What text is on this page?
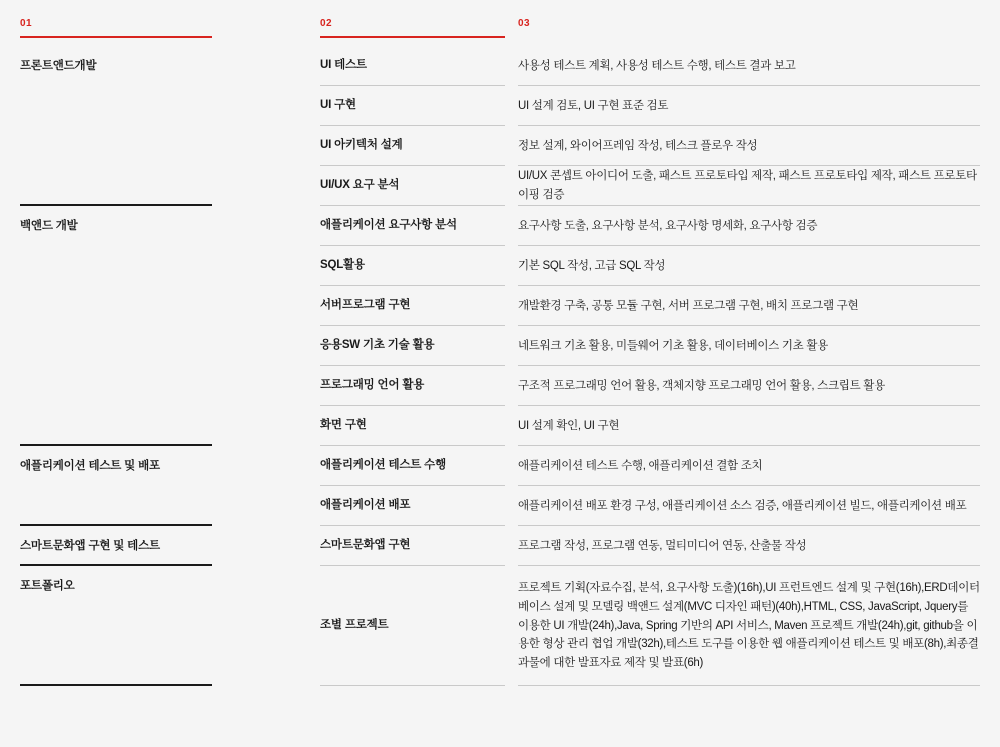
01
프론트앤드개발
백앤드 개발
애플리케이션 테스트 및 배포
스마트문화앱 구현 및 테스트
포트폴리오
02
UI 테스트
UI 구현
UI 아키텍처 설계
UI/UX 요구 분석
애플리케이션 요구사항 분석
SQL활용
서버프로그램 구현
응용SW 기초 기술 활용
프로그래밍 언어 활용
화면 구현
애플리케이션 테스트 수행
애플리케이션 배포
스마트문화앱 구현
조별 프로젝트
03
사용성 테스트 계획, 사용성 테스트 수행, 테스트 결과 보고
UI 설계 검토, UI 구현 표준 검토
정보 설계, 와이어프레임 작성, 테스크 플로우 작성
UI/UX 콘셉트 아이디어 도출, 패스트 프로토타입 제작, 패스트 프로토타입 제작, 패스트 프로토타이핑 검증
요구사항 도출, 요구사항 분석, 요구사항 명세화, 요구사항 검증
기본 SQL 작성, 고급 SQL 작성
개발환경 구축, 공통 모듈 구현, 서버 프로그램 구현, 배치 프로그램 구현
네트워크 기초 활용, 미들웨어 기초 활용, 데이터베이스 기초 활용
구조적 프로그래밍 언어 활용, 객체지향 프로그래밍 언어 활용, 스크립트 활용
UI 설계 확인, UI 구현
애플리케이션 테스트 수행, 애플리케이션 결함 조치
애플리케이션 배포 환경 구성, 애플리케이션 소스 검증, 애플리케이션 빌드, 애플리케이션 배포
프로그램 작성, 프로그램 연동, 멀티미디어 연동, 산출물 작성
프로젝트 기획(자료수집, 분석, 요구사항 도출)(16h),UI 프런트엔드 설계 및 구현(16h),ERD데이터베이스 설계 및 모델링 백앤드 설계(MVC 디자인 패턴)(40h),HTML, CSS, JavaScript, Jquery를 이용한 UI 개발(24h),Java, Spring 기반의 API 서비스, Maven 프로젝트 개발(24h),git, github을 이용한 형상 관리 협업 개발(32h),테스트 도구를 이용한 웹 애플리케이션 테스트 및 배포(8h),최종결과물에 대한 발표자료 제작 및 발표(6h)
